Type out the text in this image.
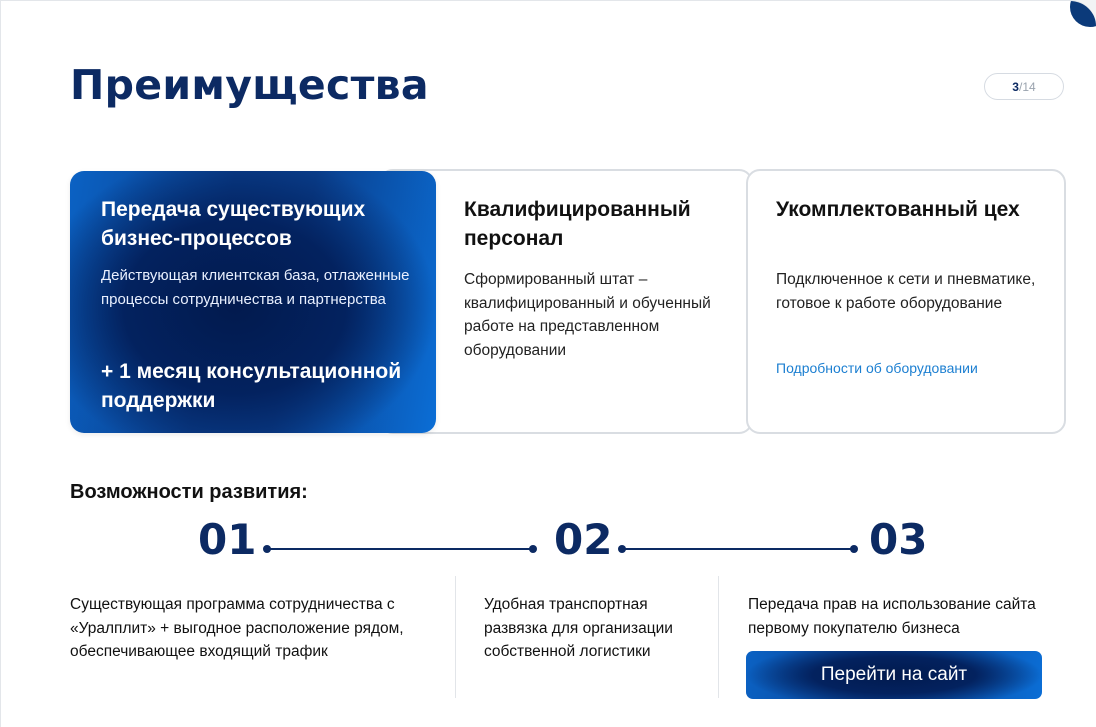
Преимущества	3 / 14
Квалифицированный персонал

Сформированный штат – квалифицированный и обученный работе на представленном оборудовании

Укомплектованный цех

Подключенное к сети и пневматике, готовое к работе оборудование

Подробности об оборудовании
Передача существующих бизнес-процессов

Действующая клиентская база, отлаженные процессы сотрудничества и партнерства

+ 1 месяц консультационной поддержки
Возможности развития:
01	02	03
Существующая программа сотрудничества с «Уралплит» + выгодное расположение рядом, обеспечивающее входящий трафик
Удобная транспортная развязка для организации собственной логистики
Передача прав на использование сайта первому покупателю бизнеса
Перейти на сайт
